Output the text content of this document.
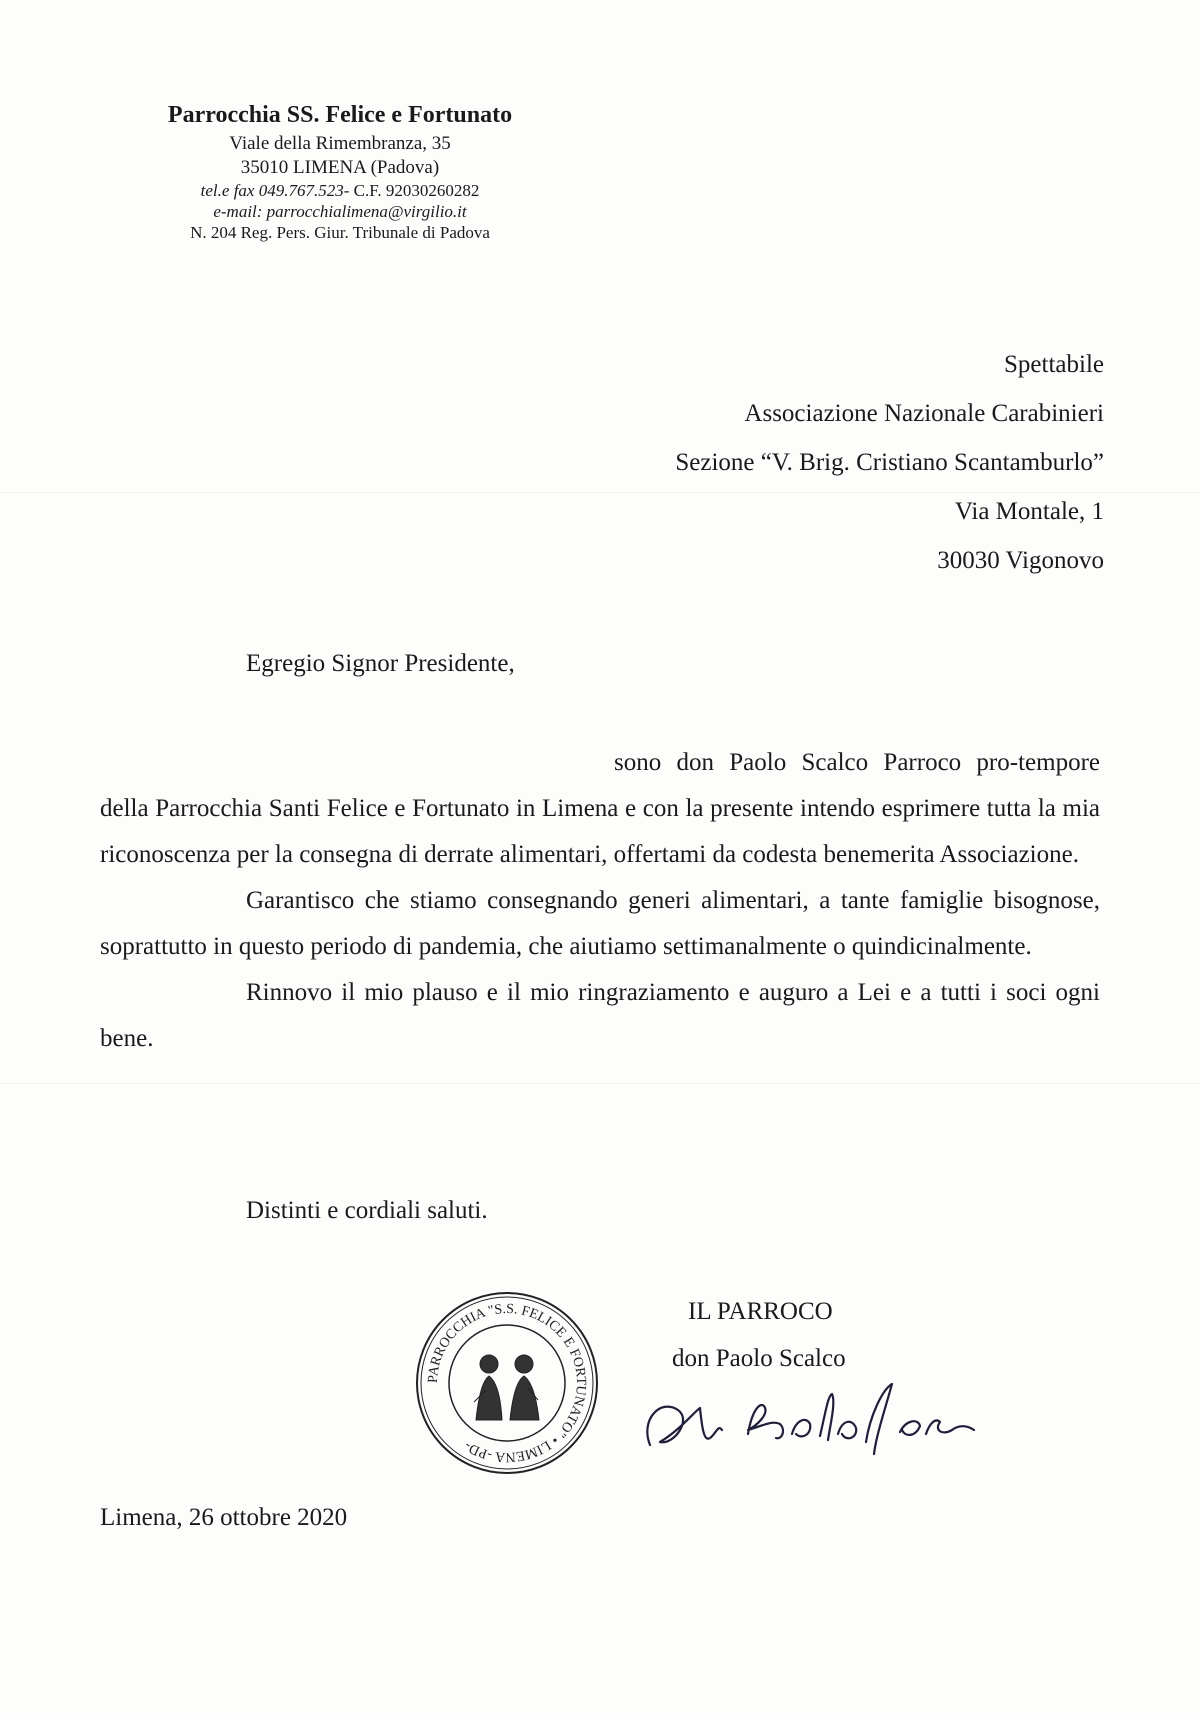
Parrocchia SS. Felice e Fortunato
Viale della Rimembranza, 35
35010 LIMENA (Padova)
tel.e fax 049.767.523- C.F. 92030260282
e-mail: parrocchialimena@virgilio.it
N. 204 Reg. Pers. Giur. Tribunale di Padova
Spettabile
Associazione Nazionale Carabinieri
Sezione “V. Brig. Cristiano Scantamburlo”
Via Montale, 1
30030 Vigonovo
Egregio Signor Presidente,

sono don Paolo Scalco Parroco pro-tempore della Parrocchia Santi Felice e Fortunato in Limena e con la presente intendo esprimere tutta la mia riconoscenza per la consegna di derrate alimentari, offertami da codesta benemerita Associazione.

Garantisco che stiamo consegnando generi alimentari, a tante famiglie bisognose, soprattutto in questo periodo di pandemia, che aiutiamo settimanalmente o quindicinalmente.

Rinnovo il mio plauso e il mio ringraziamento e auguro a Lei e a tutti i soci ogni bene.

Distinti e cordiali saluti.
PARROCCHIA "S.S. FELICE E FORTUNATO" • LIMENA -PD-
IL PARROCO
don Paolo Scalco
Limena, 26 ottobre 2020
